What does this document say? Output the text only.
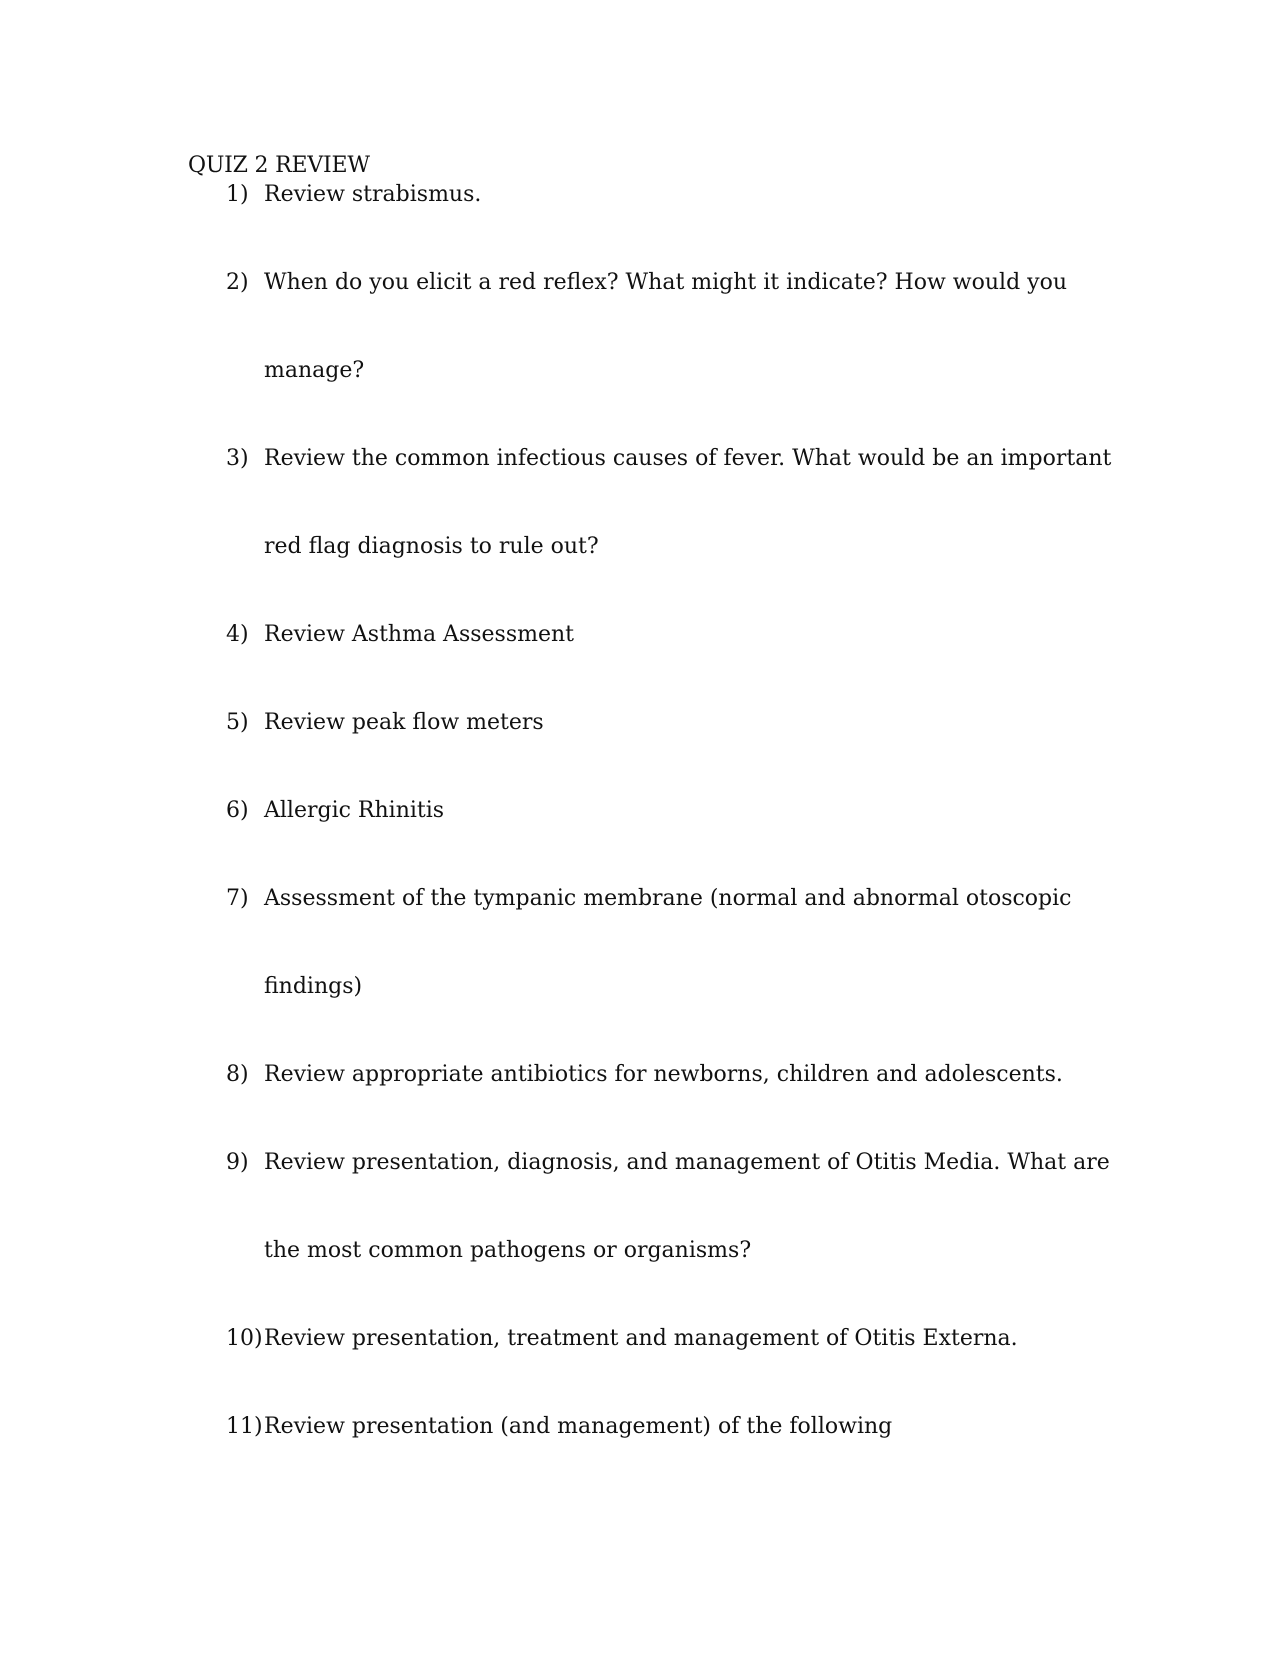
QUIZ 2 REVIEW
1) Review strabismus.
2) When do you elicit a red reflex? What might it indicate? How would you
manage?
3) Review the common infectious causes of fever. What would be an important
red flag diagnosis to rule out?
4) Review Asthma Assessment
5) Review peak flow meters
6) Allergic Rhinitis
7) Assessment of the tympanic membrane (normal and abnormal otoscopic
findings)
8) Review appropriate antibiotics for newborns, children and adolescents.
9) Review presentation, diagnosis, and management of Otitis Media. What are
the most common pathogens or organisms?
10) Review presentation, treatment and management of Otitis Externa.
11) Review presentation (and management) of the following
